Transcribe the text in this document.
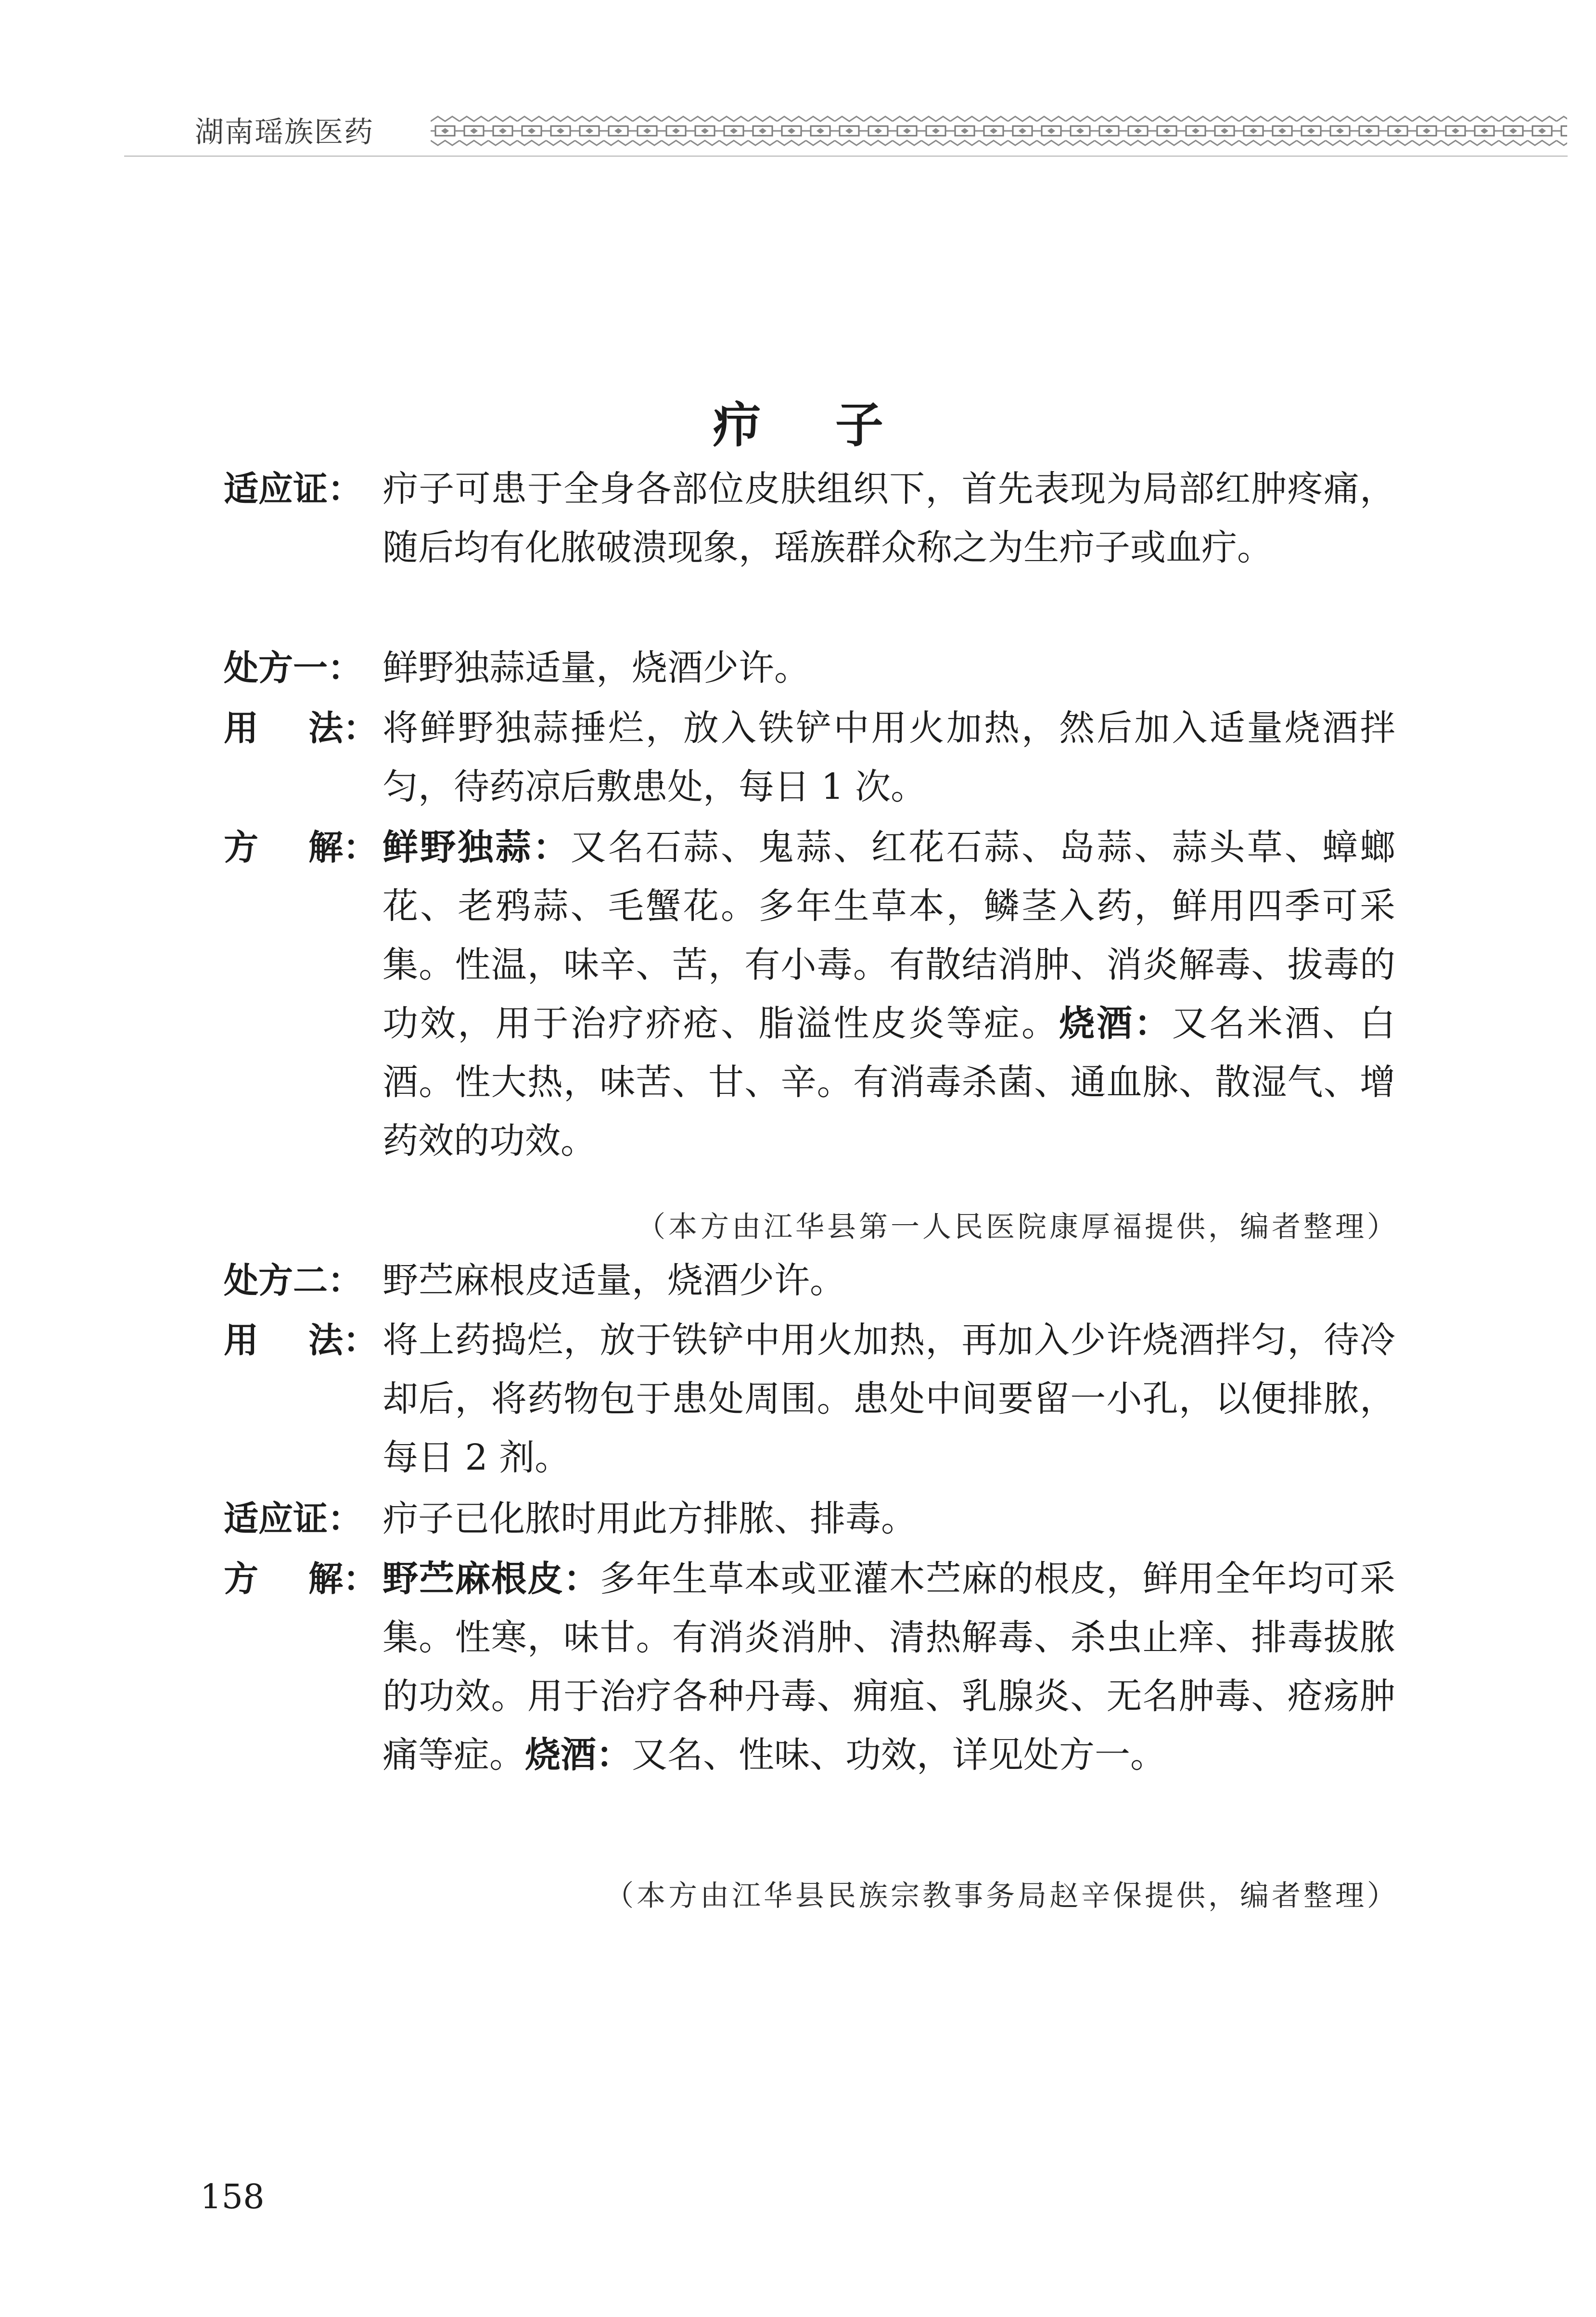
湖南瑶族医药
疖 子
适应证： 疖子可患于全身各部位皮肤组织下，首先表现为局部红肿疼痛，随后均有化脓破溃现象，瑶族群众称之为生疖子或血疔。
处方一： 鲜野独蒜适量，烧酒少许。
用 法： 将鲜野独蒜捶烂，放入铁铲中用火加热，然后加入适量烧酒拌匀，待药凉后敷患处，每日 1 次。
方 解： 鲜野独蒜：又名石蒜、鬼蒜、红花石蒜、岛蒜、蒜头草、蟑螂花、老鸦蒜、毛蟹花。多年生草本，鳞茎入药，鲜用四季可采集。性温，味辛、苦，有小毒。有散结消肿、消炎解毒、拔毒的功效，用于治疗疥疮、脂溢性皮炎等症。烧酒：又名米酒、白酒。性大热，味苦、甘、辛。有消毒杀菌、通血脉、散湿气、增药效的功效。
（本方由江华县第一人民医院康厚福提供，编者整理）
处方二： 野苎麻根皮适量，烧酒少许。
用 法： 将上药捣烂，放于铁铲中用火加热，再加入少许烧酒拌匀，待冷却后，将药物包于患处周围。患处中间要留一小孔，以便排脓，每日 2 剂。
适应证： 疖子已化脓时用此方排脓、排毒。
方 解： 野苎麻根皮：多年生草本或亚灌木苎麻的根皮，鲜用全年均可采集。性寒，味甘。有消炎消肿、清热解毒、杀虫止痒、排毒拔脓的功效。用于治疗各种丹毒、痈疽、乳腺炎、无名肿毒、疮疡肿痛等症。烧酒：又名、性味、功效，详见处方一。
（本方由江华县民族宗教事务局赵辛保提供，编者整理）
158
